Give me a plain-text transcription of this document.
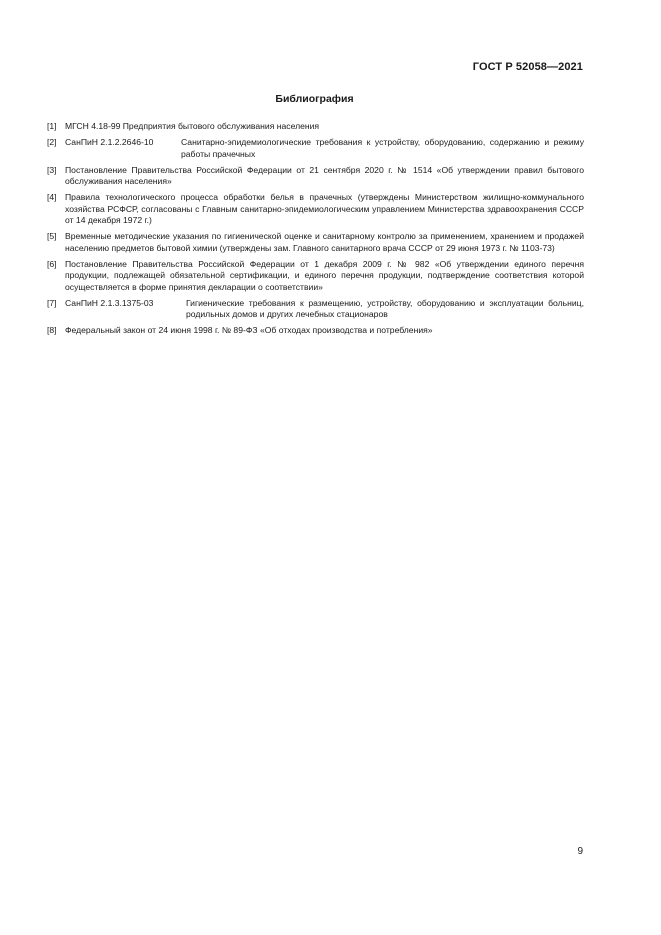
ГОСТ Р 52058—2021
Библиография
[1] МГСН 4.18-99 Предприятия бытового обслуживания населения
[2] СанПиН 2.1.2.2646-10	Санитарно-эпидемиологические требования к устройству, оборудованию, содержанию и режиму работы прачечных
[3] Постановление Правительства Российской Федерации от 21 сентября 2020 г. № 1514 «Об утверждении правил бытового обслуживания населения»
[4] Правила технологического процесса обработки белья в прачечных (утверждены Министерством жилищно-коммунального хозяйства РСФСР, согласованы с Главным санитарно-эпидемиологическим управлением Министерства здравоохранения СССР от 14 декабря 1972 г.)
[5] Временные методические указания по гигиенической оценке и санитарному контролю за применением, хранением и продажей населению предметов бытовой химии (утверждены зам. Главного санитарного врача СССР от 29 июня 1973 г. № 1103-73)
[6] Постановление Правительства Российской Федерации от 1 декабря 2009 г. № 982 «Об утверждении единого перечня продукции, подлежащей обязательной сертификации, и единого перечня продукции, подтверждение соответствия которой осуществляется в форме принятия декларации о соответствии»
[7] СанПиН 2.1.3.1375-03	Гигиенические требования к размещению, устройству, оборудованию и эксплуатации больниц, родильных домов и других лечебных стационаров
[8] Федеральный закон от 24 июня 1998 г. № 89-ФЗ «Об отходах производства и потребления»
9
